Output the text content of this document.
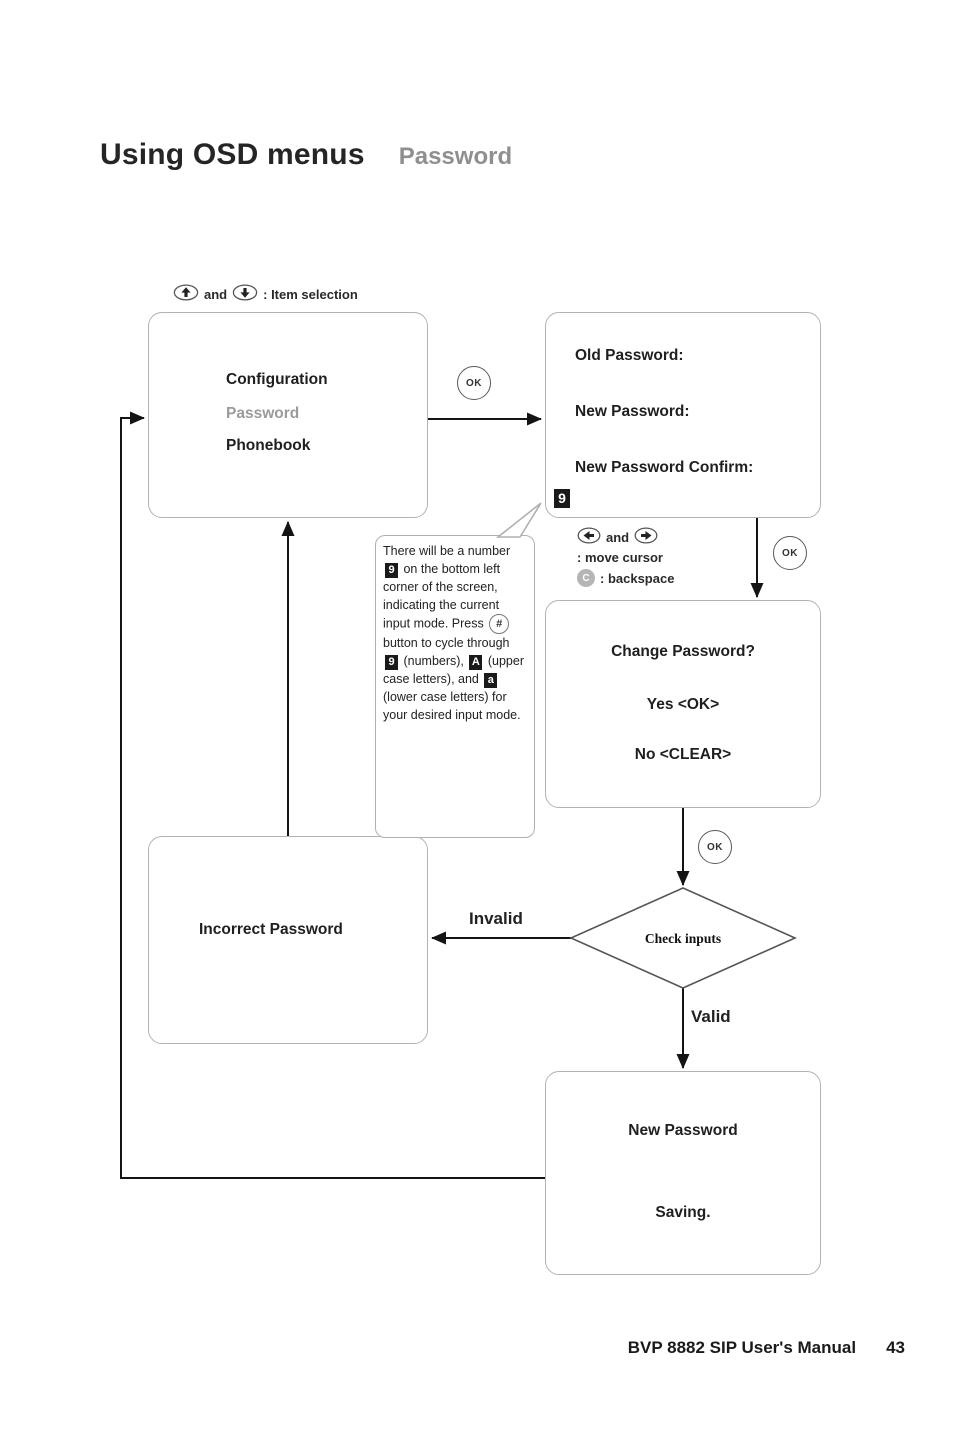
Check inputs
Using OSD menus Password
and	: Item selection
Configuration
Password
Phonebook
OK
Old Password:
New Password:
New Password Confirm:
9
and
: move cursor
C : backspace
OK
There will be a number 9 on the bottom left corner of the screen, indicating the current input mode. Press # button to cycle through 9 (numbers), A (upper case letters), and a (lower case letters) for your desired input mode.
Change Password?
Yes <OK>
No <CLEAR>
OK
Invalid
Valid
Incorrect Password
New Password
Saving.
BVP 8882 SIP User's Manual 43
